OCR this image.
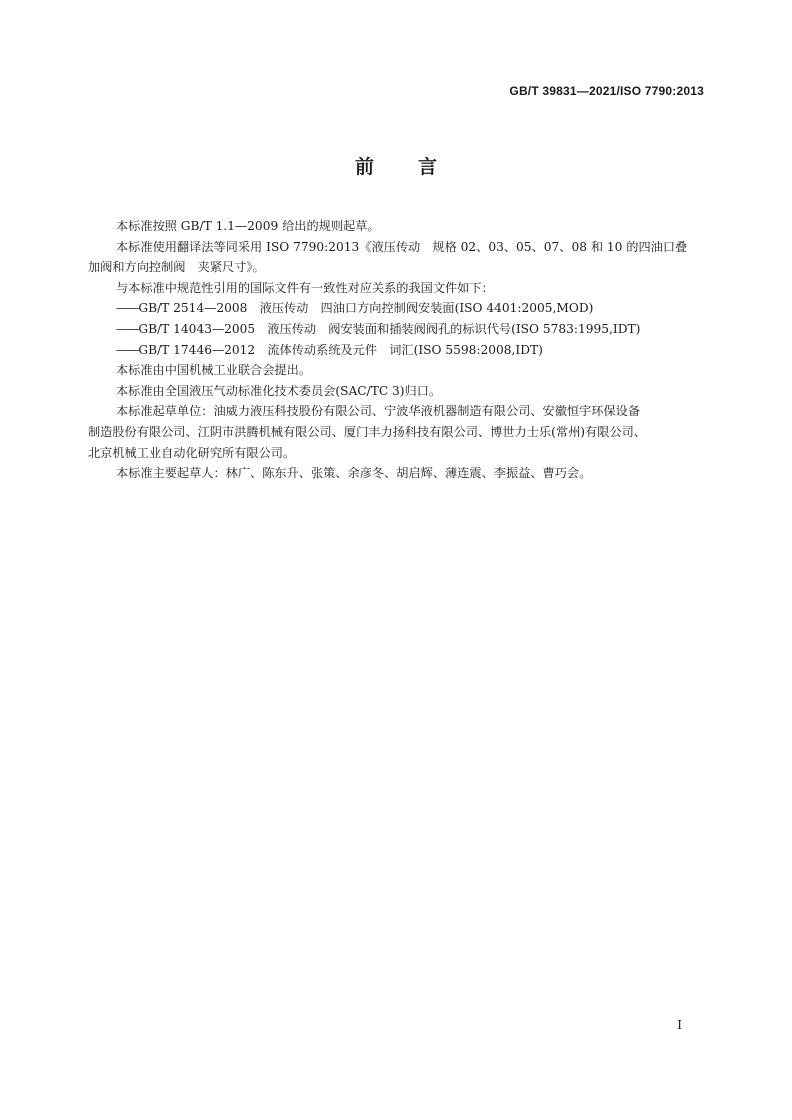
GB/T 39831—2021/ISO 7790:2013
前言
本标准按照 GB/T 1.1—2009 给出的规则起草。
本标准使用翻译法等同采用 ISO 7790:2013《液压传动　规格 02、03、05、07、08 和 10 的四油口叠
加阀和方向控制阀　夹紧尺寸》。
与本标准中规范性引用的国际文件有一致性对应关系的我国文件如下：
——GB/T 2514—2008　液压传动　四油口方向控制阀安装面(ISO 4401:2005,MOD)
——GB/T 14043—2005　液压传动　阀安装面和插装阀阀孔的标识代号(ISO 5783:1995,IDT)
——GB/T 17446—2012　流体传动系统及元件　词汇(ISO 5598:2008,IDT)
本标准由中国机械工业联合会提出。
本标准由全国液压气动标准化技术委员会(SAC/TC 3)归口。
本标准起草单位：油威力液压科技股份有限公司、宁波华液机器制造有限公司、安徽恒宇环保设备
制造股份有限公司、江阴市洪腾机械有限公司、厦门丰力扬科技有限公司、博世力士乐(常州)有限公司、
北京机械工业自动化研究所有限公司。
本标准主要起草人：林广、陈东升、张策、余彦冬、胡启辉、薄连震、李振益、曹巧会。
I
